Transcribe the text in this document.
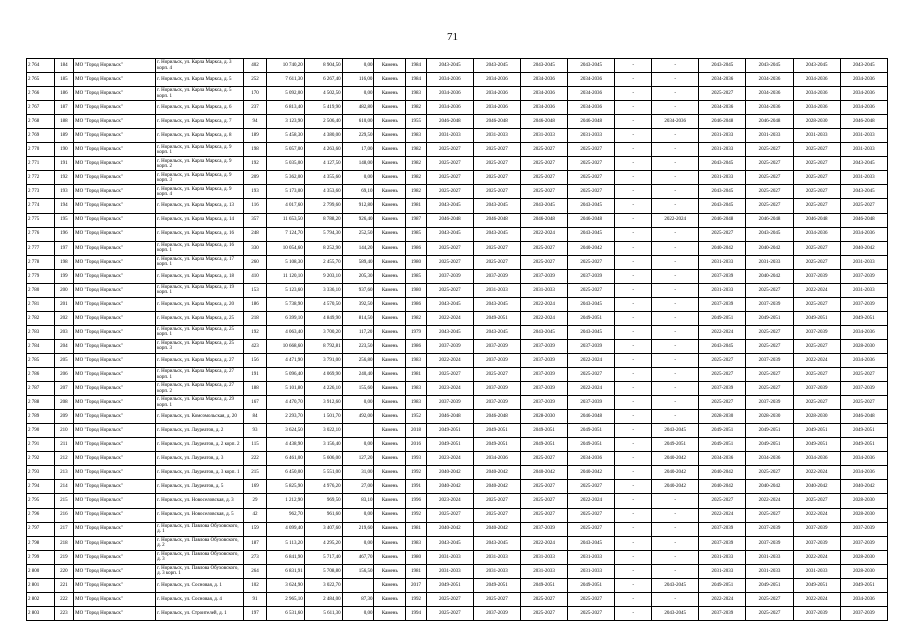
71
2 764	184	МО "Город Норильск"	г. Норильск, ул. Карла Маркса, д. 3 корп. 4	402	10 740,20	8 904,50	0,00	Камень	1984	2043-2045	2043-2045	2043-2045	2043-2045	-	-	2043-2045	2043-2045	2043-2045	2043-2045
2 765	185	МО "Город Норильск"	г. Норильск, ул. Карла Маркса, д. 5	252	7 611,30	6 267,40	116,00	Камень	1984	2034-2036	2034-2036	2034-2036	2034-2036	-	-	2034-2036	2034-2036	2034-2036	2034-2036
2 766	186	МО "Город Норильск"	г. Норильск, ул. Карла Маркса, д. 5 корп. 1	170	5 092,00	4 502,50	0,00	Камень	1983	2034-2036	2034-2036	2034-2036	2034-2036	-	-	2025-2027	2034-2036	2034-2036	2034-2036
2 767	187	МО "Город Норильск"	г. Норильск, ул. Карла Маркса, д. 6	237	6 813,40	5 419,90	482,80	Камень	1982	2034-2036	2034-2036	2034-2036	2034-2036	-	-	2034-2036	2034-2036	2034-2036	2034-2036
2 768	188	МО "Город Норильск"	г. Норильск, ул. Карла Маркса, д. 7	94	3 123,90	2 506,40	610,00	Камень	1955	2046-2048	2046-2048	2046-2048	2046-2048	-	2034-2036	2046-2048	2046-2048	2028-2030	2046-2048
2 769	189	МО "Город Норильск"	г. Норильск, ул. Карла Маркса, д. 8	189	5 458,30	4 380,00	229,50	Камень	1983	2031-2033	2031-2033	2031-2033	2031-2033	-	-	2031-2033	2031-2033	2031-2033	2031-2033
2 770	190	МО "Город Норильск"	г. Норильск, ул. Карла Маркса, д. 9 корп. 1	198	5 057,00	4 263,60	17,00	Камень	1982	2025-2027	2025-2027	2025-2027	2025-2027	-	-	2031-2033	2025-2027	2025-2027	2031-2033
2 771	191	МО "Город Норильск"	г. Норильск, ул. Карла Маркса, д. 9 корп. 2	192	5 035,00	4 127,50	148,00	Камень	1982	2025-2027	2025-2027	2025-2027	2025-2027	-	-	2043-2045	2025-2027	2025-2027	2043-2045
2 772	192	МО "Город Норильск"	г. Норильск, ул. Карла Маркса, д. 9 корп. 3	209	5 362,00	4 355,60	0,00	Камень	1982	2025-2027	2025-2027	2025-2027	2025-2027	-	-	2031-2033	2025-2027	2025-2027	2031-2033
2 773	193	МО "Город Норильск"	г. Норильск, ул. Карла Маркса, д. 9 корп. 4	193	5 173,00	4 353,60	69,10	Камень	1982	2025-2027	2025-2027	2025-2027	2025-2027	-	-	2043-2045	2025-2027	2025-2027	2043-2045
2 774	194	МО "Город Норильск"	г. Норильск, ул. Карла Маркса, д. 13	116	4 017,60	2 799,60	912,80	Камень	1981	2043-2045	2043-2045	2043-2045	2043-2045	-	-	2043-2045	2025-2027	2025-2027	2025-2027
2 775	195	МО "Город Норильск"	г. Норильск, ул. Карла Маркса, д. 14	357	11 653,50	8 788,20	926,40	Камень	1987	2046-2048	2046-2048	2046-2048	2046-2048	-	2022-2024	2046-2048	2046-2048	2046-2048	2046-2048
2 776	196	МО "Город Норильск"	г. Норильск, ул. Карла Маркса, д. 16	248	7 124,70	5 794,30	252,50	Камень	1985	2043-2045	2043-2045	2022-2024	2043-2045	-	-	2025-2027	2043-2045	2034-2036	2034-2036
2 777	197	МО "Город Норильск"	г. Норильск, ул. Карла Маркса, д. 16 корп. 1	330	10 054,60	8 252,90	144,20	Камень	1986	2025-2027	2025-2027	2025-2027	2040-2042	-	-	2040-2042	2040-2042	2025-2027	2040-2042
2 778	198	МО "Город Норильск"	г. Норильск, ул. Карла Маркса, д. 17 корп. 1	260	5 108,30	2 455,70	589,40	Камень	1980	2025-2027	2025-2027	2025-2027	2025-2027	-	-	2031-2033	2031-2033	2025-2027	2031-2033
2 779	199	МО "Город Норильск"	г. Норильск, ул. Карла Маркса, д. 18	410	11 120,10	9 203,10	205,30	Камень	1985	2037-2039	2037-2039	2037-2039	2037-2039	-	-	2037-2039	2040-2042	2037-2039	2037-2039
2 780	200	МО "Город Норильск"	г. Норильск, ул. Карла Маркса, д. 19 корп. 1	153	5 123,60	3 336,10	937,60	Камень	1980	2025-2027	2031-2033	2031-2033	2025-2027	-	-	2031-2033	2025-2027	2022-2024	2031-2033
2 781	201	МО "Город Норильск"	г. Норильск, ул. Карла Маркса, д. 20	186	5 738,90	4 570,50	392,50	Камень	1986	2043-2045	2043-2045	2022-2024	2043-2045	-	-	2037-2039	2037-2039	2025-2027	2037-2039
2 782	202	МО "Город Норильск"	г. Норильск, ул. Карла Маркса, д. 25	218	6 399,10	4 849,90	814,50	Камень	1982	2022-2024	2049-2051	2022-2024	2049-2051	-	-	2049-2051	2049-2051	2049-2051	2049-2051
2 783	203	МО "Город Норильск"	г. Норильск, ул. Карла Маркса, д. 25 корп. 1	192	4 063,40	3 700,20	117,20	Камень	1979	2043-2045	2043-2045	2043-2045	2043-2045	-	-	2022-2024	2025-2027	2037-2039	2034-2036
2 784	204	МО "Город Норильск"	г. Норильск, ул. Карла Маркса, д. 25 корп. 3	423	10 668,60	8 792,81	223,50	Камень	1986	2037-2039	2037-2039	2037-2039	2037-2039	-	-	2043-2045	2025-2027	2025-2027	2028-2030
2 785	205	МО "Город Норильск"	г. Норильск, ул. Карла Маркса, д. 27	156	4 471,90	3 791,00	256,80	Камень	1983	2022-2024	2037-2039	2037-2039	2022-2024	-	-	2025-2027	2037-2039	2022-2024	2034-2036
2 786	206	МО "Город Норильск"	г. Норильск, ул. Карла Маркса, д. 27 корп. 1	191	5 096,40	4 069,90	240,40	Камень	1981	2025-2027	2025-2027	2037-2039	2025-2027	-	-	2025-2027	2025-2027	2025-2027	2025-2027
2 787	207	МО "Город Норильск"	г. Норильск, ул. Карла Маркса, д. 27 корп. 2	188	5 101,80	4 226,10	155,60	Камень	1983	2023-2024	2037-2039	2037-2039	2022-2024	-	-	2037-2039	2025-2027	2037-2039	2037-2039
2 788	208	МО "Город Норильск"	г. Норильск, ул. Карла Маркса, д. 29 корп. 1	167	4 470,70	3 912,60	0,00	Камень	1983	2037-2039	2037-2039	2037-2039	2037-2039	-	-	2025-2027	2037-2039	2025-2027	2025-2027
2 789	209	МО "Город Норильск"	г. Норильск, ул. Комсомольская, д. 20	84	2 293,70	1 501,70	492,00	Камень	1952	2046-2048	2046-2048	2028-2030	2046-2048	-	-	2028-2030	2028-2030	2028-2030	2046-2048
2 790	210	МО "Город Норильск"	г. Норильск, ул. Лауреатов, д. 2	93	3 624,50	3 022,10		Камень	2018	2049-2051	2049-2051	2049-2051	2049-2051	-	2043-2045	2049-2051	2049-2051	2049-2051	2049-2051
2 791	211	МО "Город Норильск"	г. Норильск, ул. Лауреатов, д. 2 корп. 2	115	4 438,90	3 156,40	0,00	Камень	2016	2049-2051	2049-2051	2049-2051	2049-2051	-	2049-2051	2049-2051	2049-2051	2049-2051	2049-2051
2 792	212	МО "Город Норильск"	г. Норильск, ул. Лауреатов, д. 3	222	6 461,00	5 606,00	127,20	Камень	1993	2023-2024	2034-2036	2025-2027	2034-2036	-	2040-2042	2034-2036	2034-2036	2034-2036	2034-2036
2 793	213	МО "Город Норильск"	г. Норильск, ул. Лауреатов, д. 3 корп. 1	215	6 450,00	5 551,00	31,00	Камень	1992	2040-2042	2040-2042	2040-2042	2040-2042	-	2040-2042	2040-2042	2025-2027	2022-2024	2034-2036
2 794	214	МО "Город Норильск"	г. Норильск, ул. Лауреатов, д. 5	169	5 825,90	4 976,20	27,00	Камень	1991	2040-2042	2040-2042	2025-2027	2025-2027	-	2040-2042	2040-2042	2040-2042	2040-2042	2040-2042
2 795	215	МО "Город Норильск"	г. Норильск, ул. Новоселовская, д. 3	29	1 212,90	969,50	83,10	Камень	1996	2023-2024	2025-2027	2025-2027	2022-2024	-	-	2025-2027	2022-2024	2025-2027	2028-2030
2 796	216	МО "Город Норильск"	г. Норильск, ул. Новоселовская, д. 5	42	962,70	961,60	0,00	Камень	1992	2025-2027	2025-2027	2025-2027	2025-2027	-	-	2022-2024	2025-2027	2022-2024	2028-2030
2 797	217	МО "Город Норильск"	г. Норильск, ул. Павлова Обуховского, д. 1	159	4 099,40	3 407,60	219,60	Камень	1981	2040-2042	2040-2042	2037-2039	2025-2027	-	-	2037-2039	2037-2039	2037-2039	2037-2039
2 798	218	МО "Город Норильск"	г. Норильск, ул. Павлова Обуховского, д. 2	187	5 113,20	4 295,20	0,00	Камень	1983	2043-2045	2043-2045	2022-2024	2043-2045	-	-	2037-2039	2037-2039	2037-2039	2037-2039
2 799	219	МО "Город Норильск"	г. Норильск, ул. Павлова Обуховского, д. 3	273	6 841,90	5 717,40	467,70	Камень	1980	2031-2033	2031-2033	2031-2033	2031-2033	-	-	2031-2033	2031-2033	2022-2024	2028-2030
2 800	220	МО "Город Норильск"	г. Норильск, ул. Павлова Обуховского, д. 3 корп. 1	264	6 831,91	5 708,80	156,50	Камень	1981	2031-2033	2031-2033	2031-2033	2031-2033	-	-	2031-2033	2031-2033	2031-2033	2028-2030
2 801	221	МО "Город Норильск"	г. Норильск, ул. Сосновая, д. 1	102	3 624,90	3 022,70		Камень	2017	2049-2051	2049-2051	2049-2051	2049-2051	-	2043-2045	2049-2051	2049-2051	2049-2051	2049-2051
2 802	222	МО "Город Норильск"	г. Норильск, ул. Сосновая, д. 4	91	2 965,10	2 484,00	87,30	Камень	1992	2025-2027	2025-2027	2025-2027	2025-2027	-	-	2022-2024	2025-2027	2022-2024	2034-2036
2 803	223	МО "Город Норильск"	г. Норильск, ул. Строителей, д. 1	197	6 531,60	5 611,30	0,00	Камень	1994	2025-2027	2037-2039	2025-2027	2025-2027	-	2043-2045	2037-2039	2025-2027	2037-2039	2037-2039
